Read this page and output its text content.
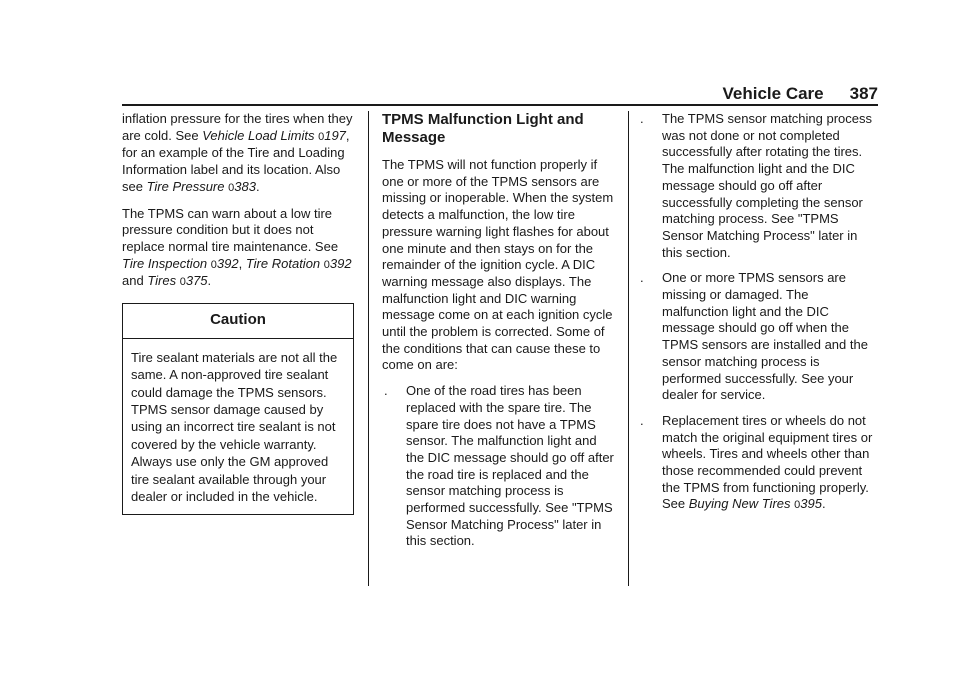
Vehicle Care 387

inflation pressure for the tires when they are cold. See Vehicle Load Limits 0197, for an example of the Tire and Loading Information label and its location. Also see Tire Pressure 0383.

The TPMS can warn about a low tire pressure condition but it does not replace normal tire maintenance. See Tire Inspection 0392, Tire Rotation 0392 and Tires 0375.

Caution
Tire sealant materials are not all the same. A non-approved tire sealant could damage the TPMS sensors. TPMS sensor damage caused by using an incorrect tire sealant is not covered by the vehicle warranty. Always use only the GM approved tire sealant available through your dealer or included in the vehicle.
TPMS Malfunction Light and Message

The TPMS will not function properly if one or more of the TPMS sensors are missing or inoperable. When the system detects a malfunction, the low tire pressure warning light flashes for about one minute and then stays on for the remainder of the ignition cycle. A DIC warning message also displays. The malfunction light and DIC warning message come on at each ignition cycle until the problem is corrected. Some of the conditions that can cause these to come on are:

. One of the road tires has been replaced with the spare tire. The spare tire does not have a TPMS sensor. The malfunction light and the DIC message should go off after the road tire is replaced and the sensor matching process is performed successfully. See "TPMS Sensor Matching Process" later in this section.
. The TPMS sensor matching process was not done or not completed successfully after rotating the tires. The malfunction light and the DIC message should go off after successfully completing the sensor matching process. See "TPMS Sensor Matching Process" later in this section.
. One or more TPMS sensors are missing or damaged. The malfunction light and the DIC message should go off when the TPMS sensors are installed and the sensor matching process is performed successfully. See your dealer for service.
. Replacement tires or wheels do not match the original equipment tires or wheels. Tires and wheels other than those recommended could prevent the TPMS from functioning properly. See Buying New Tires 0395.
